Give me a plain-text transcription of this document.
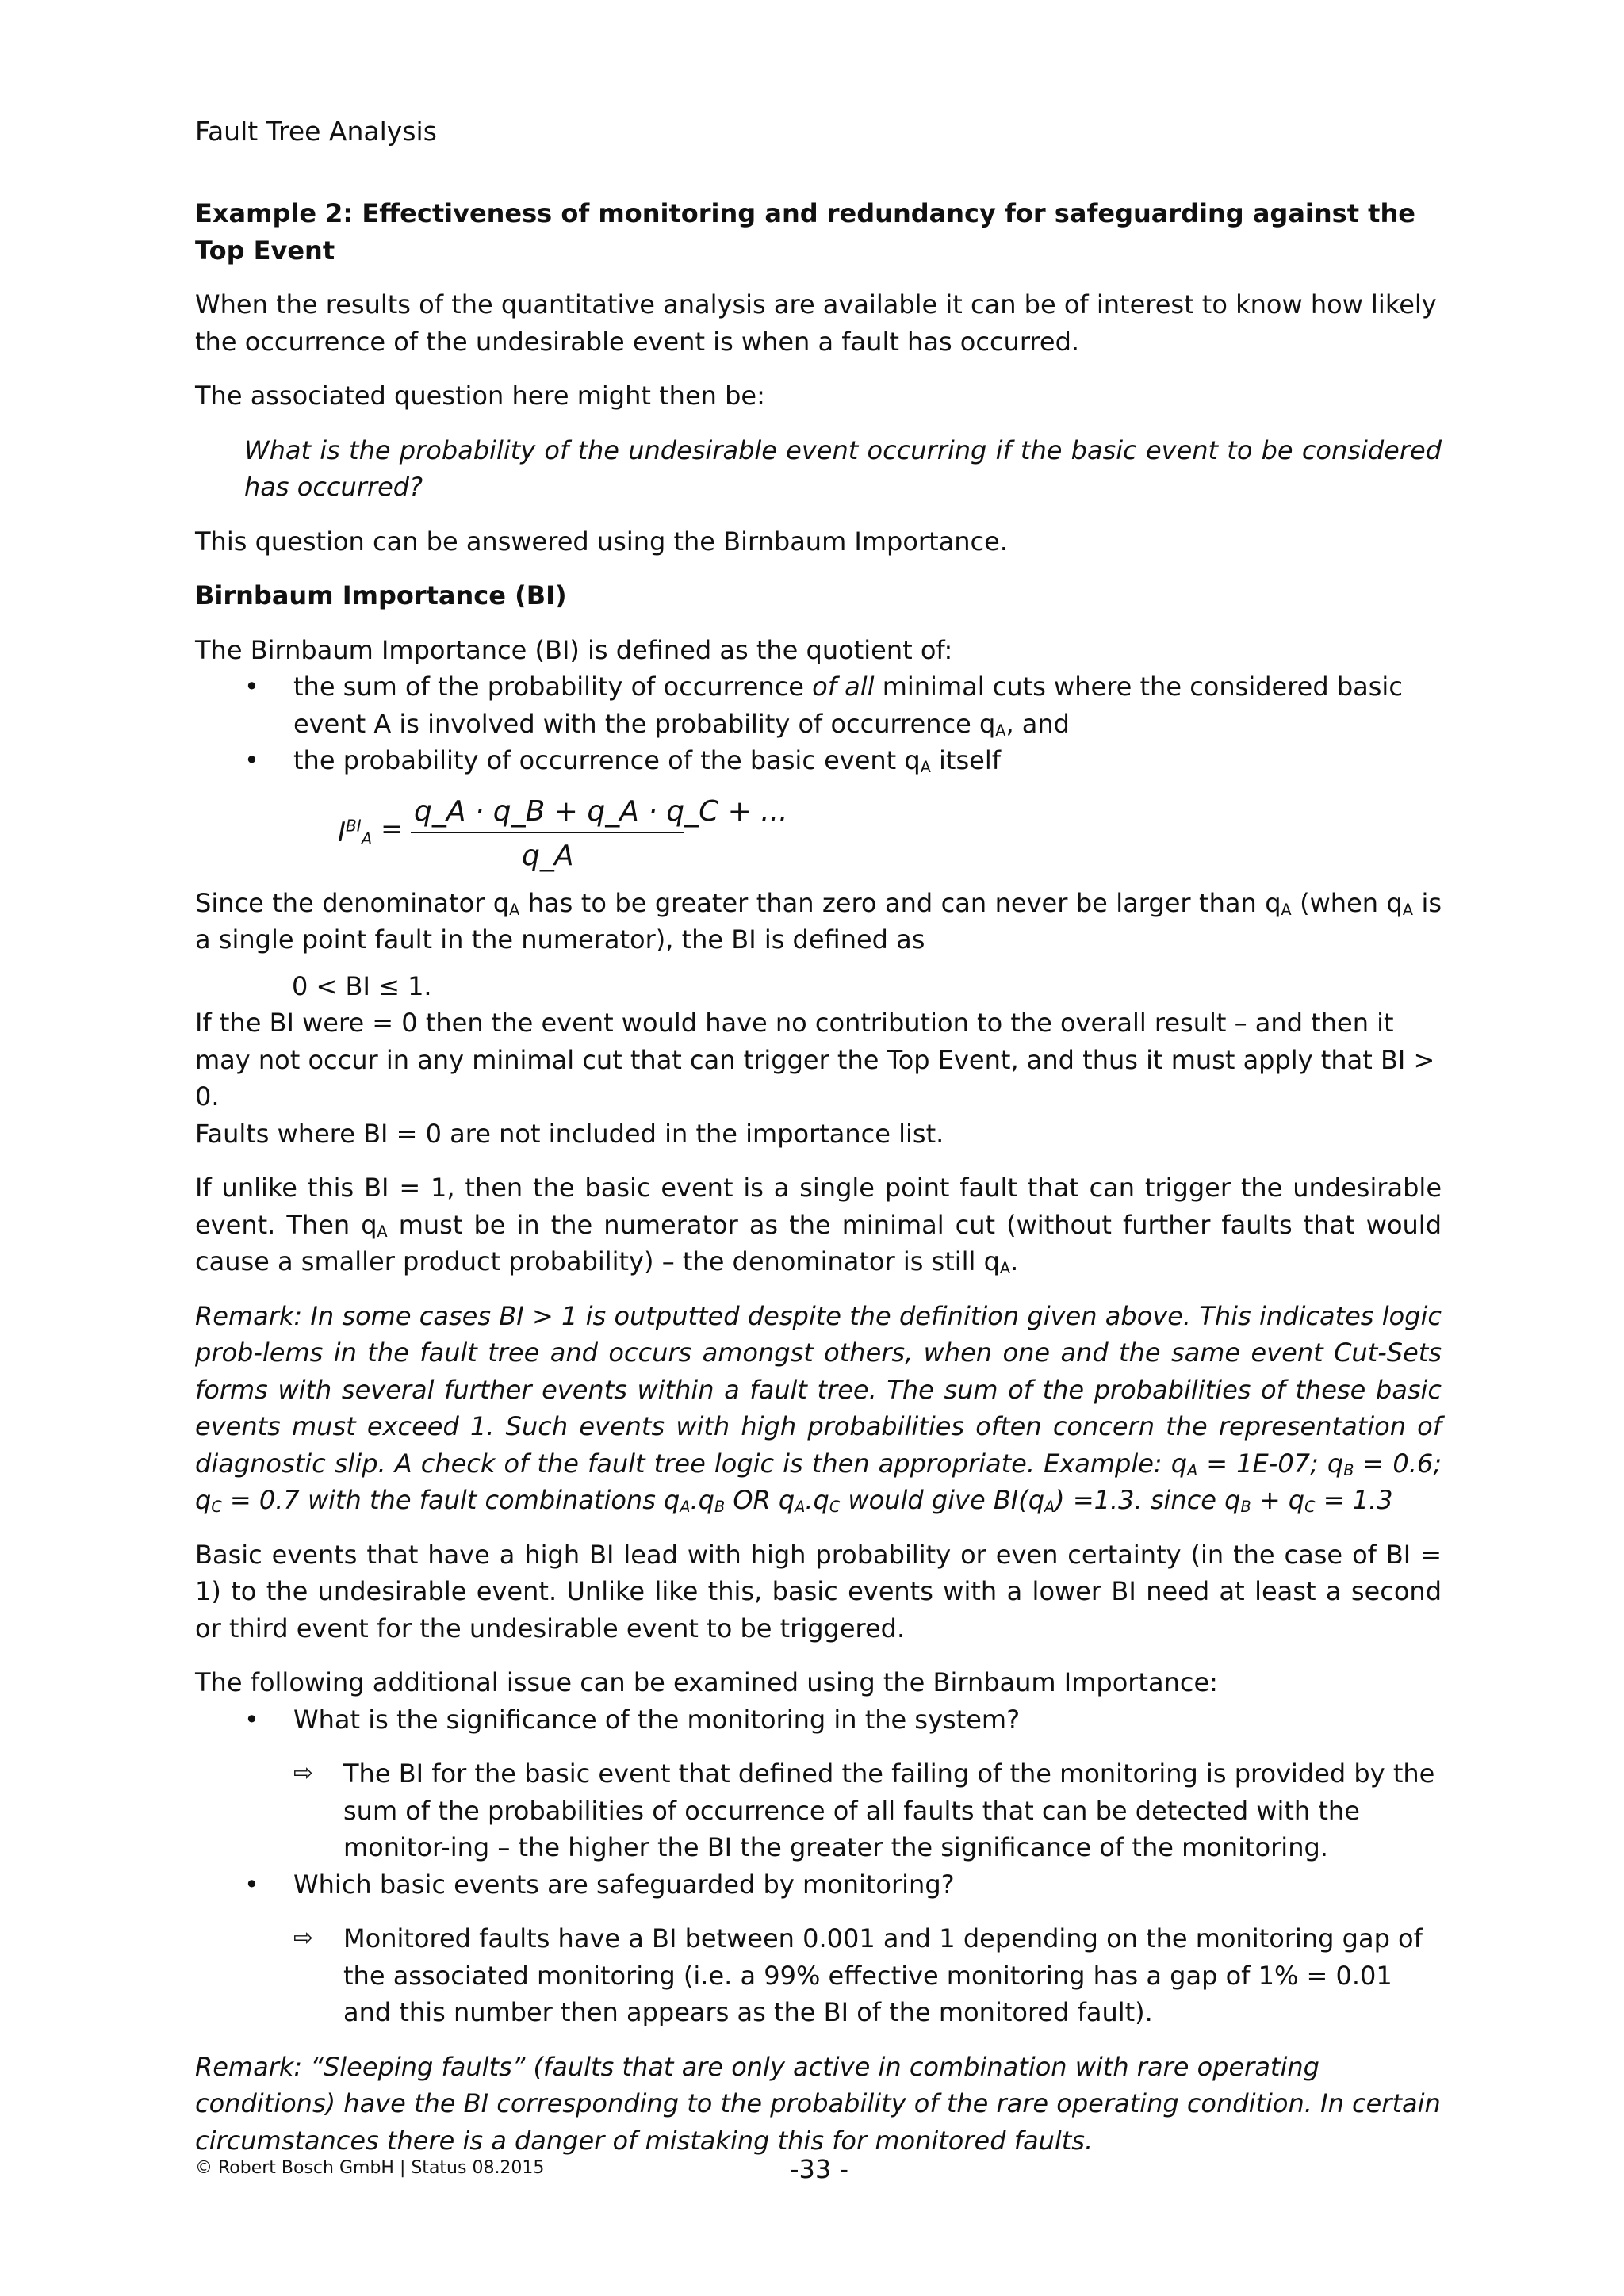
Fault Tree Analysis

Example 2: Effectiveness of monitoring and redundancy for safeguarding against the Top Event

When the results of the quantitative analysis are available it can be of interest to know how likely the occurrence of the undesirable event is when a fault has occurred.

The associated question here might then be:

What is the probability of the undesirable event occurring if the basic event to be considered has occurred?

This question can be answered using the Birnbaum Importance.

Birnbaum Importance (BI)

The Birnbaum Importance (BI) is defined as the quotient of:

• the sum of the probability of occurrence of all minimal cuts where the considered basic event A is involved with the probability of occurrence $q_A$, and
• the probability of occurrence of the basic event $q_A$ itself
$I^{BI}_A$ =
q_A · q_B + q_A · q_C + ...
q_A

Since the denominator $q_A$ has to be greater than zero and can never be larger than $q_A$ (when $q_A$ is a single point fault in the numerator), the BI is defined as

0 < BI ≤ 1.

If the BI were = 0 then the event would have no contribution to the overall result – and then it may not occur in any minimal cut that can trigger the Top Event, and thus it must apply that BI > 0.

Faults where BI = 0 are not included in the importance list.

If unlike this BI = 1, then the basic event is a single point fault that can trigger the undesirable event. Then $q_A$ must be in the numerator as the minimal cut (without further faults that would cause a smaller product probability) – the denominator is still $q_A$.

Remark: In some cases BI > 1 is outputted despite the definition given above. This indicates logic prob-lems in the fault tree and occurs amongst others, when one and the same event Cut-Sets forms with several further events within a fault tree. The sum of the probabilities of these basic events must exceed 1. Such events with high probabilities often concern the representation of diagnostic slip. A check of the fault tree logic is then appropriate. Example: $q_A = 1E-07$; $q_B = 0.6$; $q_C = 0.7$ with the fault combinations $q_A.q_B$ OR $q_A.q_C$ would give $BI(q_A) =1.3$. since $q_B + q_C = 1.3$

Basic events that have a high BI lead with high probability or even certainty (in the case of BI = 1) to the undesirable event. Unlike like this, basic events with a lower BI need at least a second or third event for the undesirable event to be triggered.

The following additional issue can be examined using the Birnbaum Importance:

• What is the significance of the monitoring in the system?
⇨ The BI for the basic event that defined the failing of the monitoring is provided by the sum of the probabilities of occurrence of all faults that can be detected with the monitor-ing – the higher the BI the greater the significance of the monitoring.
• Which basic events are safeguarded by monitoring?
⇨ Monitored faults have a BI between 0.001 and 1 depending on the monitoring gap of the associated monitoring (i.e. a 99% effective monitoring has a gap of 1% = 0.01 and this number then appears as the BI of the monitored fault).

Remark: “Sleeping faults” (faults that are only active in combination with rare operating conditions) have the BI corresponding to the probability of the rare operating condition. In certain circumstances there is a danger of mistaking this for monitored faults.

© Robert Bosch GmbH | Status 08.2015	-33 -
